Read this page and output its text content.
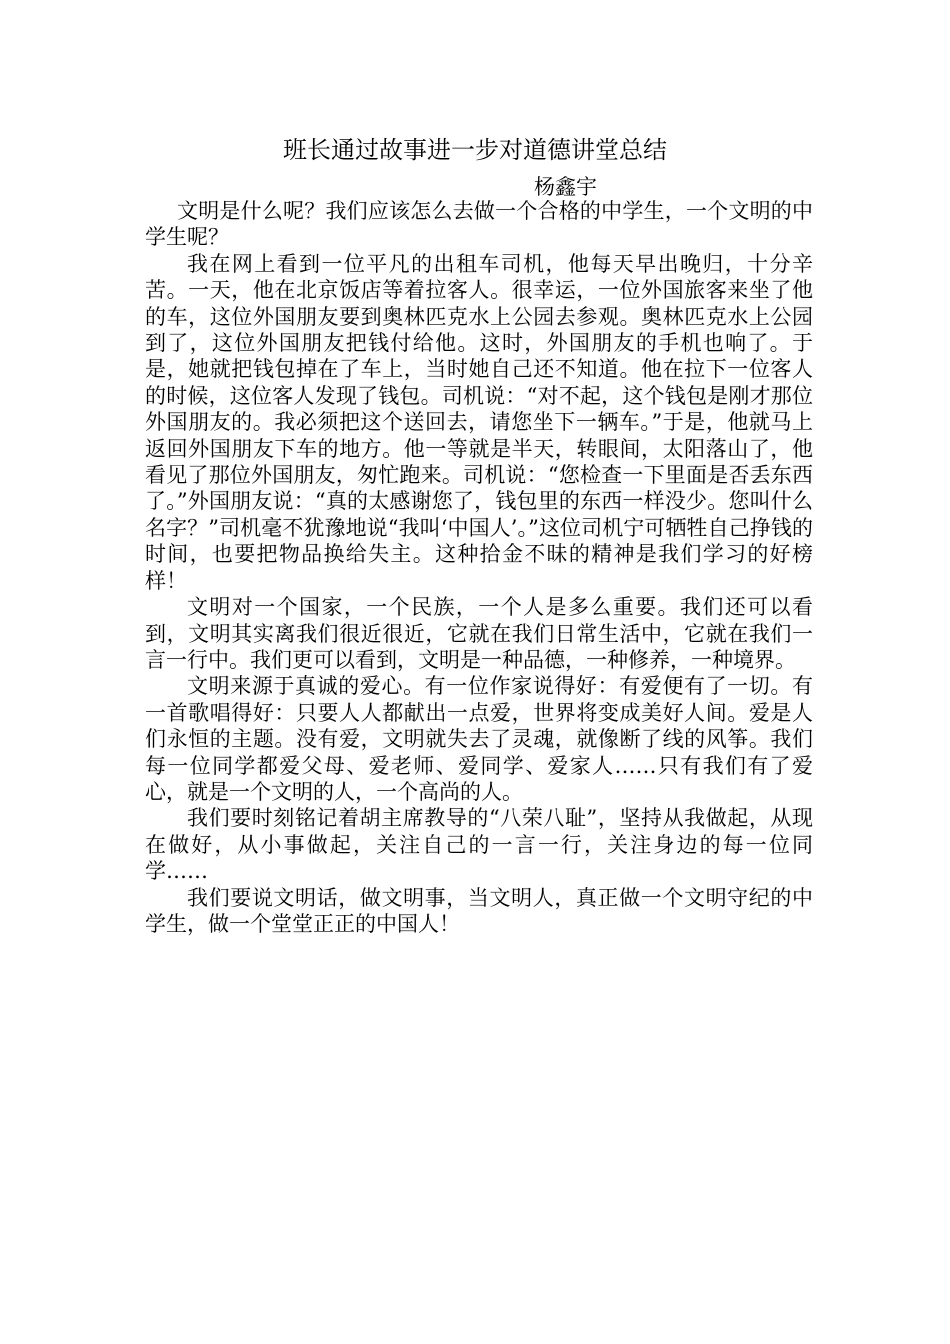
班长通过故事进一步对道德讲堂总结

杨鑫宇

文明是什么呢？我们应该怎么去做一个合格的中学生，一个文明的中学生呢？

我在网上看到一位平凡的出租车司机，他每天早出晚归，十分辛苦。一天，他在北京饭店等着拉客人。很幸运，一位外国旅客来坐了他的车，这位外国朋友要到奥林匹克水上公园去参观。奥林匹克水上公园到了，这位外国朋友把钱付给他。这时，外国朋友的手机也响了。于是，她就把钱包掉在了车上，当时她自己还不知道。他在拉下一位客人的时候，这位客人发现了钱包。司机说：“对不起，这个钱包是刚才那位外国朋友的。我必须把这个送回去，请您坐下一辆车。”于是，他就马上返回外国朋友下车的地方。他一等就是半天，转眼间，太阳落山了，他看见了那位外国朋友，匆忙跑来。司机说：“您检查一下里面是否丢东西了。”外国朋友说：“真的太感谢您了，钱包里的东西一样没少。您叫什么名字？”司机毫不犹豫地说“我叫‘中国人’。”这位司机宁可牺牲自己挣钱的时间，也要把物品换给失主。这种拾金不昧的精神是我们学习的好榜样！

文明对一个国家，一个民族，一个人是多么重要。我们还可以看到，文明其实离我们很近很近，它就在我们日常生活中，它就在我们一言一行中。我们更可以看到，文明是一种品德，一种修养，一种境界。

文明来源于真诚的爱心。有一位作家说得好：有爱便有了一切。有一首歌唱得好：只要人人都献出一点爱，世界将变成美好人间。爱是人们永恒的主题。没有爱，文明就失去了灵魂，就像断了线的风筝。我们每一位同学都爱父母、爱老师、爱同学、爱家人……只有我们有了爱心，就是一个文明的人，一个高尚的人。

我们要时刻铭记着胡主席教导的“八荣八耻”，坚持从我做起，从现在做好，从小事做起，关注自己的一言一行，关注身边的每一位同学……

我们要说文明话，做文明事，当文明人，真正做一个文明守纪的中学生，做一个堂堂正正的中国人！
